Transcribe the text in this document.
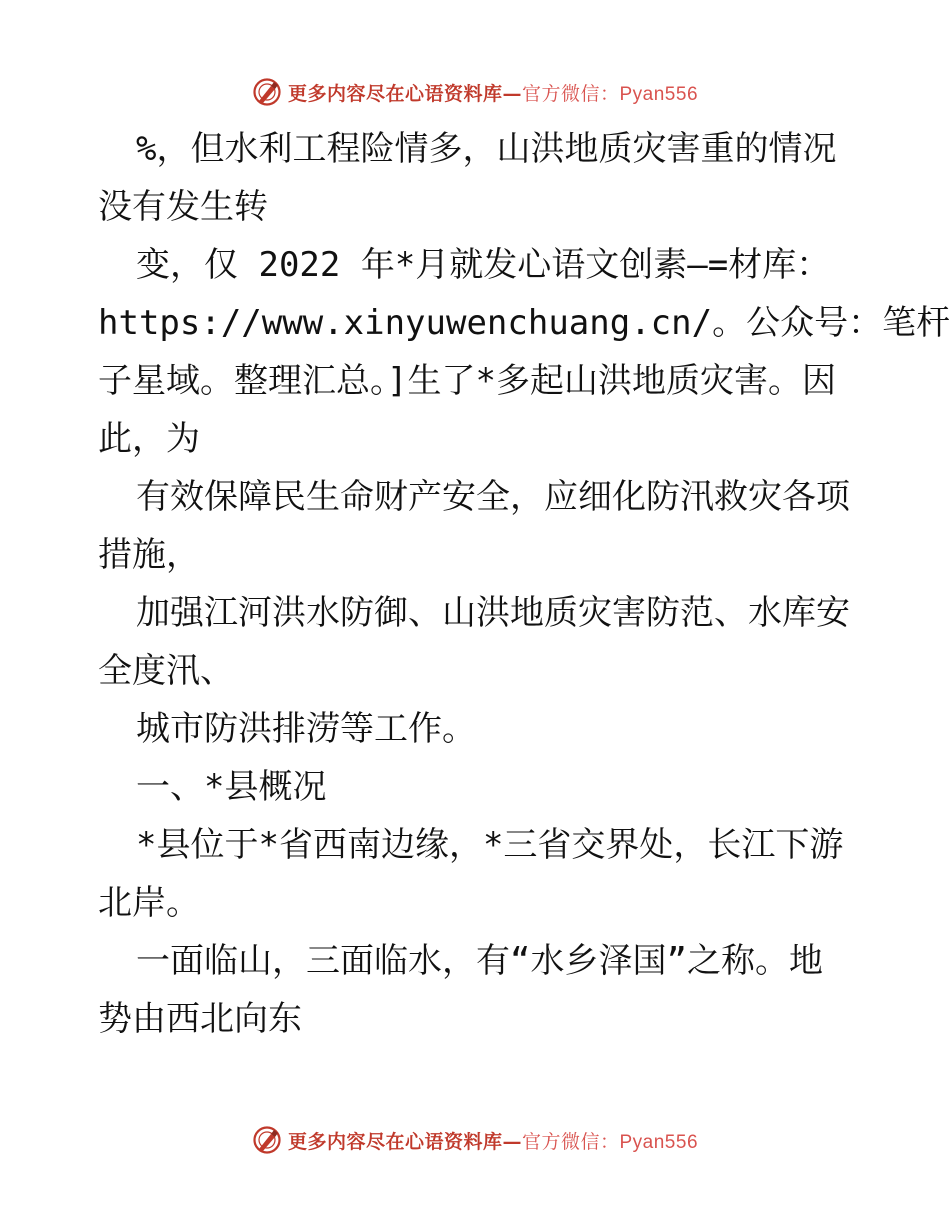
更多内容尽在心语资料库—官方微信：Pyan556
%，但水利工程险情多，山洪地质灾害重的情况
没有发生转
变，仅 2022 年*月就发心语文创素—=材库：
https://www.xinyuwenchuang.cn/。公众号：笔杆
子星域。整理汇总。]生了*多起山洪地质灾害。因
此，为
有效保障民生命财产安全，应细化防汛救灾各项
措施，
加强江河洪水防御、山洪地质灾害防范、水库安
全度汛、
城市防洪排涝等工作。
一、*县概况
*县位于*省西南边缘，*三省交界处，长江下游
北岸。
一面临山，三面临水，有“水乡泽国”之称。地
势由西北向东
更多内容尽在心语资料库—官方微信：Pyan556
